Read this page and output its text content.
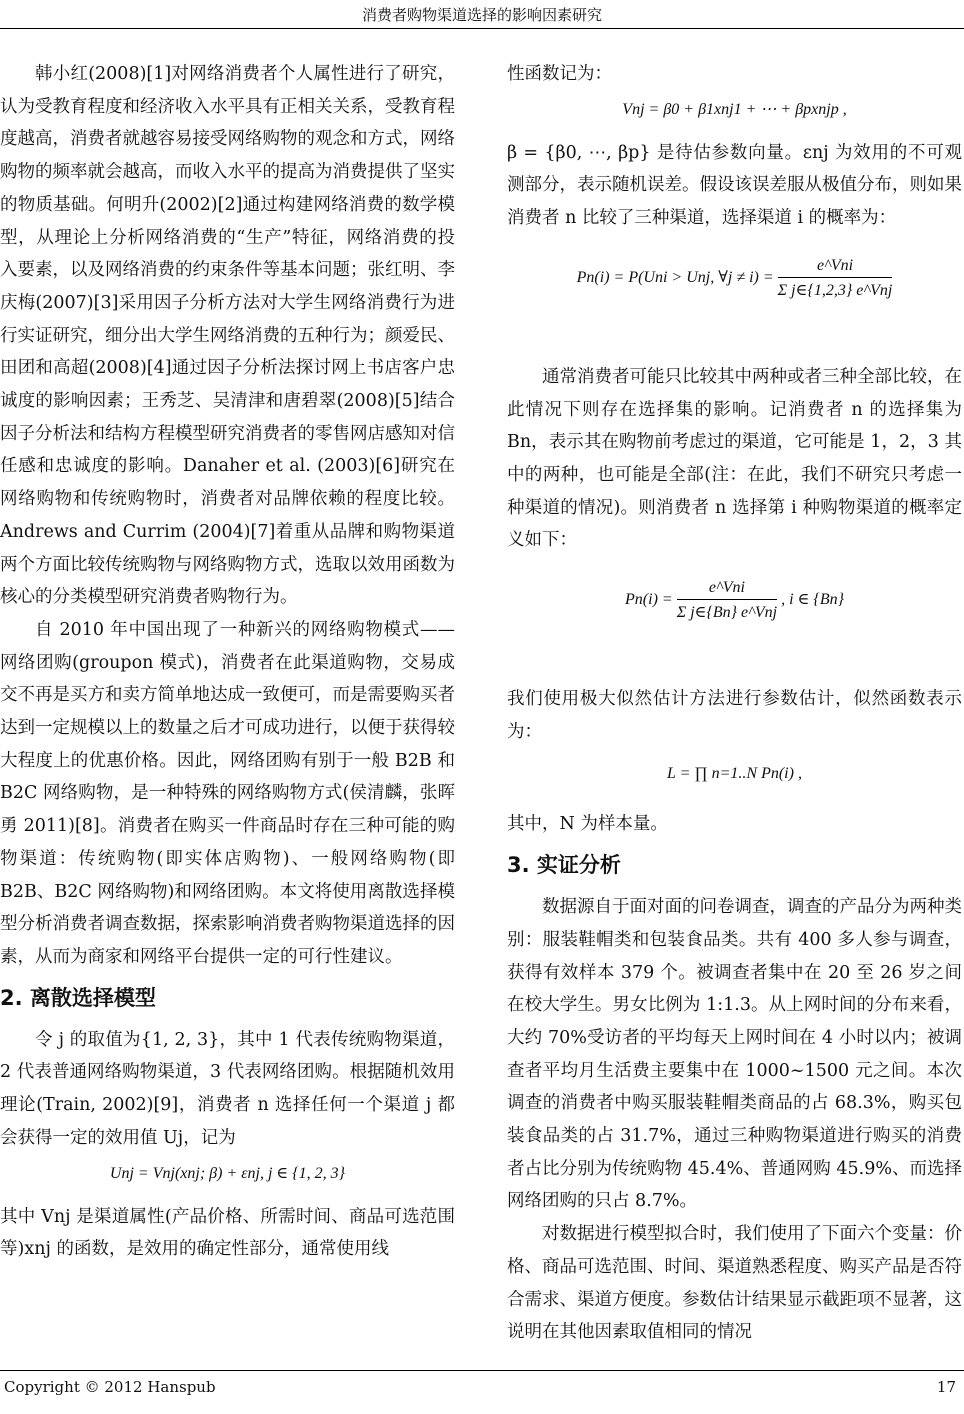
消费者购物渠道选择的影响因素研究

韩小红(2008)[1]对网络消费者个人属性进行了研究，认为受教育程度和经济收入水平具有正相关关系，受教育程度越高，消费者就越容易接受网络购物的观念和方式，网络购物的频率就会越高，而收入水平的提高为消费提供了坚实的物质基础。何明升(2002)[2]通过构建网络消费的数学模型，从理论上分析网络消费的“生产”特征，网络消费的投入要素，以及网络消费的约束条件等基本问题；张红明、李庆梅(2007)[3]采用因子分析方法对大学生网络消费行为进行实证研究，细分出大学生网络消费的五种行为；颜爱民、田团和高超(2008)[4]通过因子分析法探讨网上书店客户忠诚度的影响因素；王秀芝、吴清津和唐碧翠(2008)[5]结合因子分析法和结构方程模型研究消费者的零售网店感知对信任感和忠诚度的影响。Danaher et al. (2003)[6]研究在网络购物和传统购物时，消费者对品牌依赖的程度比较。Andrews and Currim (2004)[7]着重从品牌和购物渠道两个方面比较传统购物与网络购物方式，选取以效用函数为核心的分类模型研究消费者购物行为。

自 2010 年中国出现了一种新兴的网络购物模式——网络团购(groupon 模式)，消费者在此渠道购物，交易成交不再是买方和卖方简单地达成一致便可，而是需要购买者达到一定规模以上的数量之后才可成功进行，以便于获得较大程度上的优惠价格。因此，网络团购有别于一般 B2B 和 B2C 网络购物，是一种特殊的网络购物方式(侯清麟，张晖勇 2011)[8]。消费者在购买一件商品时存在三种可能的购物渠道：传统购物(即实体店购物)、一般网络购物(即 B2B、B2C 网络购物)和网络团购。本文将使用离散选择模型分析消费者调查数据，探索影响消费者购物渠道选择的因素，从而为商家和网络平台提供一定的可行性建议。

2. 离散选择模型

令 j 的取值为{1, 2, 3}，其中 1 代表传统购物渠道，2 代表普通网络购物渠道，3 代表网络团购。根据随机效用理论(Train, 2002)[9]，消费者 n 选择任何一个渠道 j 都会获得一定的效用值 Uj，记为

Unj = Vnj(xnj; β) + εnj, j ∈ {1, 2, 3}

其中 Vnj 是渠道属性(产品价格、所需时间、商品可选范围等)xnj 的函数，是效用的确定性部分，通常使用线

性函数记为：

Vnj = β0 + β1xnj1 + ⋯ + βpxnjp ,

β = {β0, ⋯, βp} 是待估参数向量。εnj 为效用的不可观测部分，表示随机误差。假设该误差服从极值分布，则如果消费者 n 比较了三种渠道，选择渠道 i 的概率为：

Pn(i) = P(Uni > Unj, ∀j ≠ $i) = \frac{\text{e\textasciicircum{}Vni}}{\text{Σ j∈\{1,2,3\} e\textasciicircum{}Vnj}}$

通常消费者可能只比较其中两种或者三种全部比较，在此情况下则存在选择集的影响。记消费者 n 的选择集为 Bn，表示其在购物前考虑过的渠道，它可能是 1，2，3 其中的两种，也可能是全部(注：在此，我们不研究只考虑一种渠道的情况)。则消费者 n 选择第 i 种购物渠道的概率定义如下：

$Pn(i) = \frac{\text{e\textasciicircum{}Vni}}{\text{Σ j∈\{Bn\} e\textasciicircum{}Vnj}}$ , i ∈ {Bn}

我们使用极大似然估计方法进行参数估计，似然函数表示为：

L = ∏ n=1..N Pn(i) ,

其中，N 为样本量。

3. 实证分析

数据源自于面对面的问卷调查，调查的产品分为两种类别：服装鞋帽类和包装食品类。共有 400 多人参与调查，获得有效样本 379 个。被调查者集中在 20 至 26 岁之间在校大学生。男女比例为 1:1.3。从上网时间的分布来看，大约 70%受访者的平均每天上网时间在 4 小时以内；被调查者平均月生活费主要集中在 1000~1500 元之间。本次调查的消费者中购买服装鞋帽类商品的占 68.3%，购买包装食品类的占 31.7%，通过三种购物渠道进行购买的消费者占比分别为传统购物 45.4%、普通网购 45.9%、而选择网络团购的只占 8.7%。

对数据进行模型拟合时，我们使用了下面六个变量：价格、商品可选范围、时间、渠道熟悉程度、购买产品是否符合需求、渠道方便度。参数估计结果显示截距项不显著，这说明在其他因素取值相同的情况

Copyright © 2012 Hanspub	17
